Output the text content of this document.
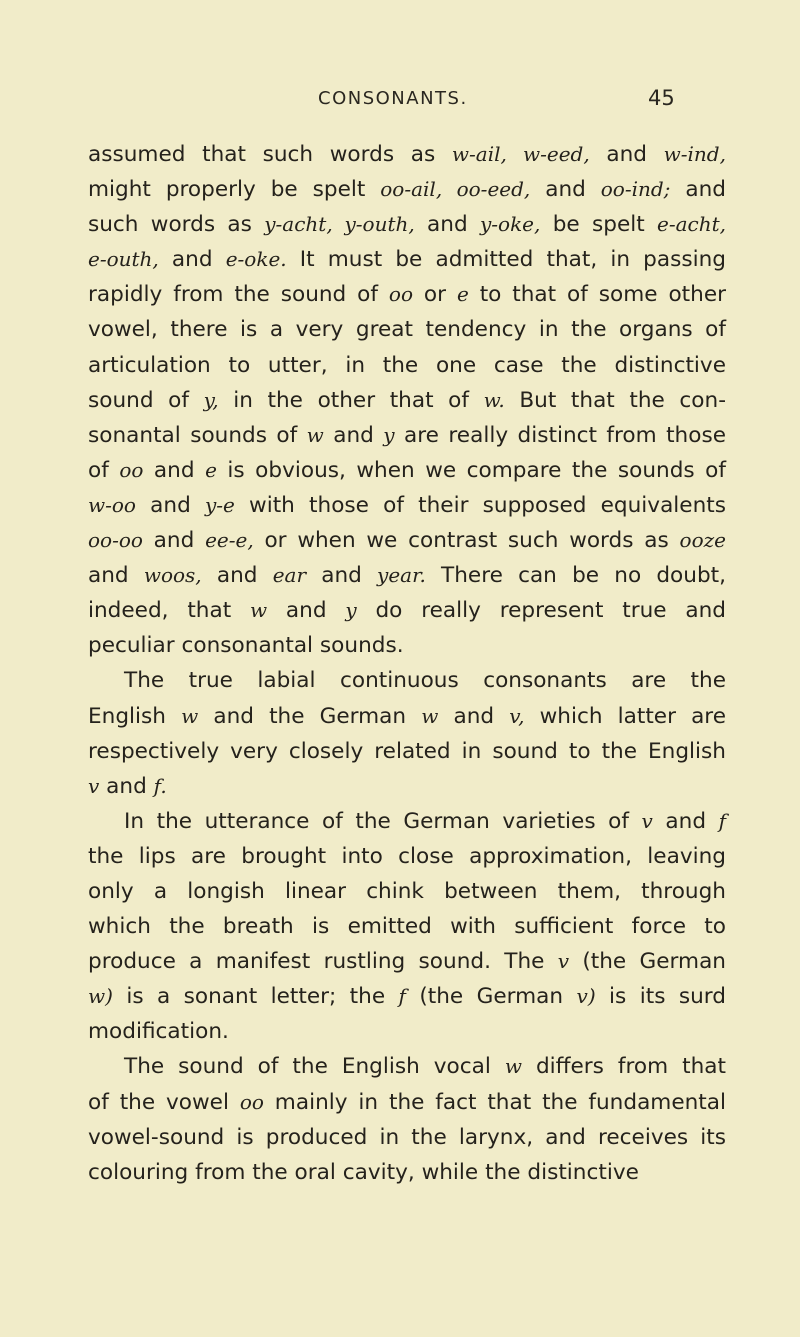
CONSONANTS.	45
assumed that such words as w-ail, w-eed, and w-ind,
might properly be spelt oo-ail, oo-eed, and oo-ind; and
such words as y-acht, y-outh, and y-oke, be spelt e-acht,
e-outh, and e-oke. It must be admitted that, in passing
rapidly from the sound of oo or e to that of some other
vowel, there is a very great tendency in the organs of
articulation to utter, in the one case the distinctive
sound of y, in the other that of w. But that the con-
sonantal sounds of w and y are really distinct from those
of oo and e is obvious, when we compare the sounds of
w-oo and y-e with those of their supposed equivalents
oo-oo and ee-e, or when we contrast such words as ooze
and woos, and ear and year. There can be no doubt,
indeed, that w and y do really represent true and
peculiar consonantal sounds.
The true labial continuous consonants are the
English w and the German w and v, which latter are
respectively very closely related in sound to the English
v and f.
In the utterance of the German varieties of v and f
the lips are brought into close approximation, leaving
only a longish linear chink between them, through
which the breath is emitted with sufficient force to
produce a manifest rustling sound. The v (the German
w) is a sonant letter; the f (the German v) is its surd
modification.
The sound of the English vocal w differs from that
of the vowel oo mainly in the fact that the fundamental
vowel-sound is produced in the larynx, and receives its
colouring from the oral cavity, while the distinctive
